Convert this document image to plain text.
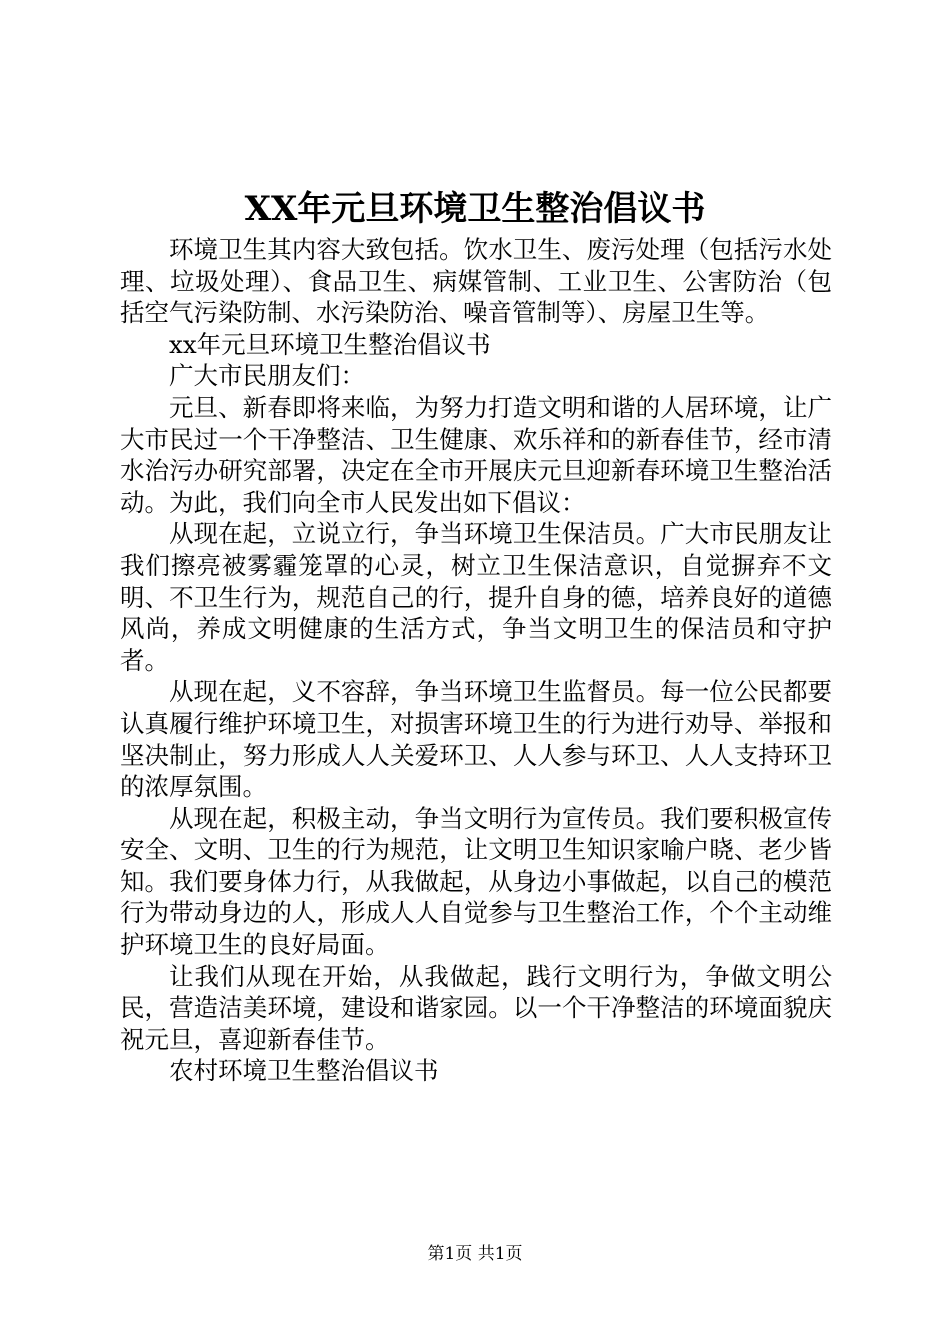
XX年元旦环境卫生整治倡议书

环境卫生其内容大致包括。饮水卫生、废污处理（包括污水处理、垃圾处理）、食品卫生、病媒管制、工业卫生、公害防治（包括空气污染防制、水污染防治、噪音管制等）、房屋卫生等。

xx年元旦环境卫生整治倡议书

广大市民朋友们：

元旦、新春即将来临，为努力打造文明和谐的人居环境，让广大市民过一个干净整洁、卫生健康、欢乐祥和的新春佳节，经市清水治污办研究部署，决定在全市开展庆元旦迎新春环境卫生整治活动。为此，我们向全市人民发出如下倡议：

从现在起，立说立行，争当环境卫生保洁员。广大市民朋友让我们擦亮被雾霾笼罩的心灵，树立卫生保洁意识，自觉摒弃不文明、不卫生行为，规范自己的行，提升自身的德，培养良好的道德风尚，养成文明健康的生活方式，争当文明卫生的保洁员和守护者。

从现在起，义不容辞，争当环境卫生监督员。每一位公民都要认真履行维护环境卫生，对损害环境卫生的行为进行劝导、举报和坚决制止，努力形成人人关爱环卫、人人参与环卫、人人支持环卫的浓厚氛围。

从现在起，积极主动，争当文明行为宣传员。我们要积极宣传安全、文明、卫生的行为规范，让文明卫生知识家喻户晓、老少皆知。我们要身体力行，从我做起，从身边小事做起，以自己的模范行为带动身边的人，形成人人自觉参与卫生整治工作，个个主动维护环境卫生的良好局面。

让我们从现在开始，从我做起，践行文明行为，争做文明公民，营造洁美环境，建设和谐家园。以一个干净整洁的环境面貌庆祝元旦，喜迎新春佳节。

农村环境卫生整治倡议书

第1页 共1页
